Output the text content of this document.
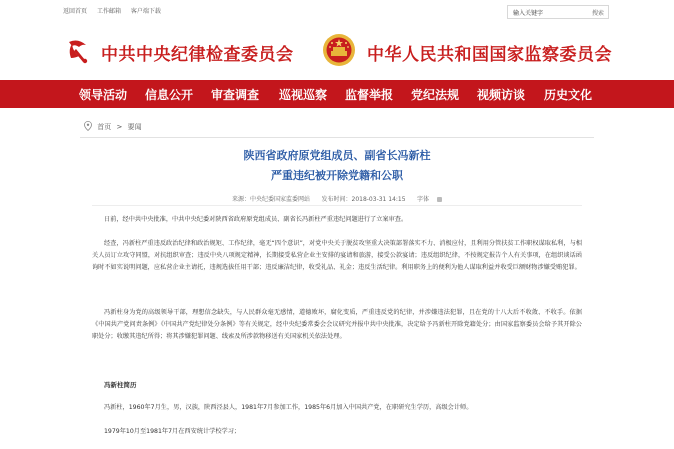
返回首页 工作邮箱 客户端下载	输入关键字	搜索
中共中央纪律检查委员会	中华人民共和国国家监察委员会
领导活动 信息公开 审查调查 巡视巡察 监督举报 党纪法规 视频访谈 历史文化
首页 > 要闻
陕西省政府原党组成员、副省长冯新柱
严重违纪被开除党籍和公职
来源：中央纪委国家监委网站 发布时间：2018-03-31 14:15 字体
日前，经中共中央批准，中共中央纪委对陕西省政府原党组成员、副省长冯新柱严重违纪问题进行了立案审查。
经查，冯新柱严重违反政治纪律和政治规矩、工作纪律，毫无“四个意识”，对党中央关于脱贫攻坚重大决策部署落实不力、消极应付，且利用分管扶贫工作职权谋取私利，与相关人员订立攻守同盟，对抗组织审查；违反中央八项规定精神，长期接受私营企业主安排的宴请和旅游，接受公款宴请；违反组织纪律，不按规定报告个人有关事项，在组织谈话函询时不如实说明问题，应私营企业主请托，违规选拔任用干部；违反廉洁纪律，收受礼品、礼金；违反生活纪律。利用职务上的便利为他人谋取利益并收受巨额财物涉嫌受贿犯罪。
冯新柱身为党的高级领导干部，理想信念缺失，与人民群众毫无感情，道德败坏，腐化变质，严重违反党的纪律，并涉嫌违法犯罪，且在党的十八大后不收敛、不收手。依据《中国共产党问责条例》《中国共产党纪律处分条例》等有关规定，经中央纪委常委会会议研究并报中共中央批准，决定给予冯新柱开除党籍处分；由国家监察委员会给予其开除公职处分；收缴其违纪所得；将其涉嫌犯罪问题、线索及所涉款物移送有关国家机关依法处理。
冯新柱简历
冯新柱，1960年7月生，男，汉族，陕西泾县人，1981年7月参加工作，1985年6月加入中国共产党，在职研究生学历，高级会计师。
1979年10月至1981年7月在西安统计学校学习；
